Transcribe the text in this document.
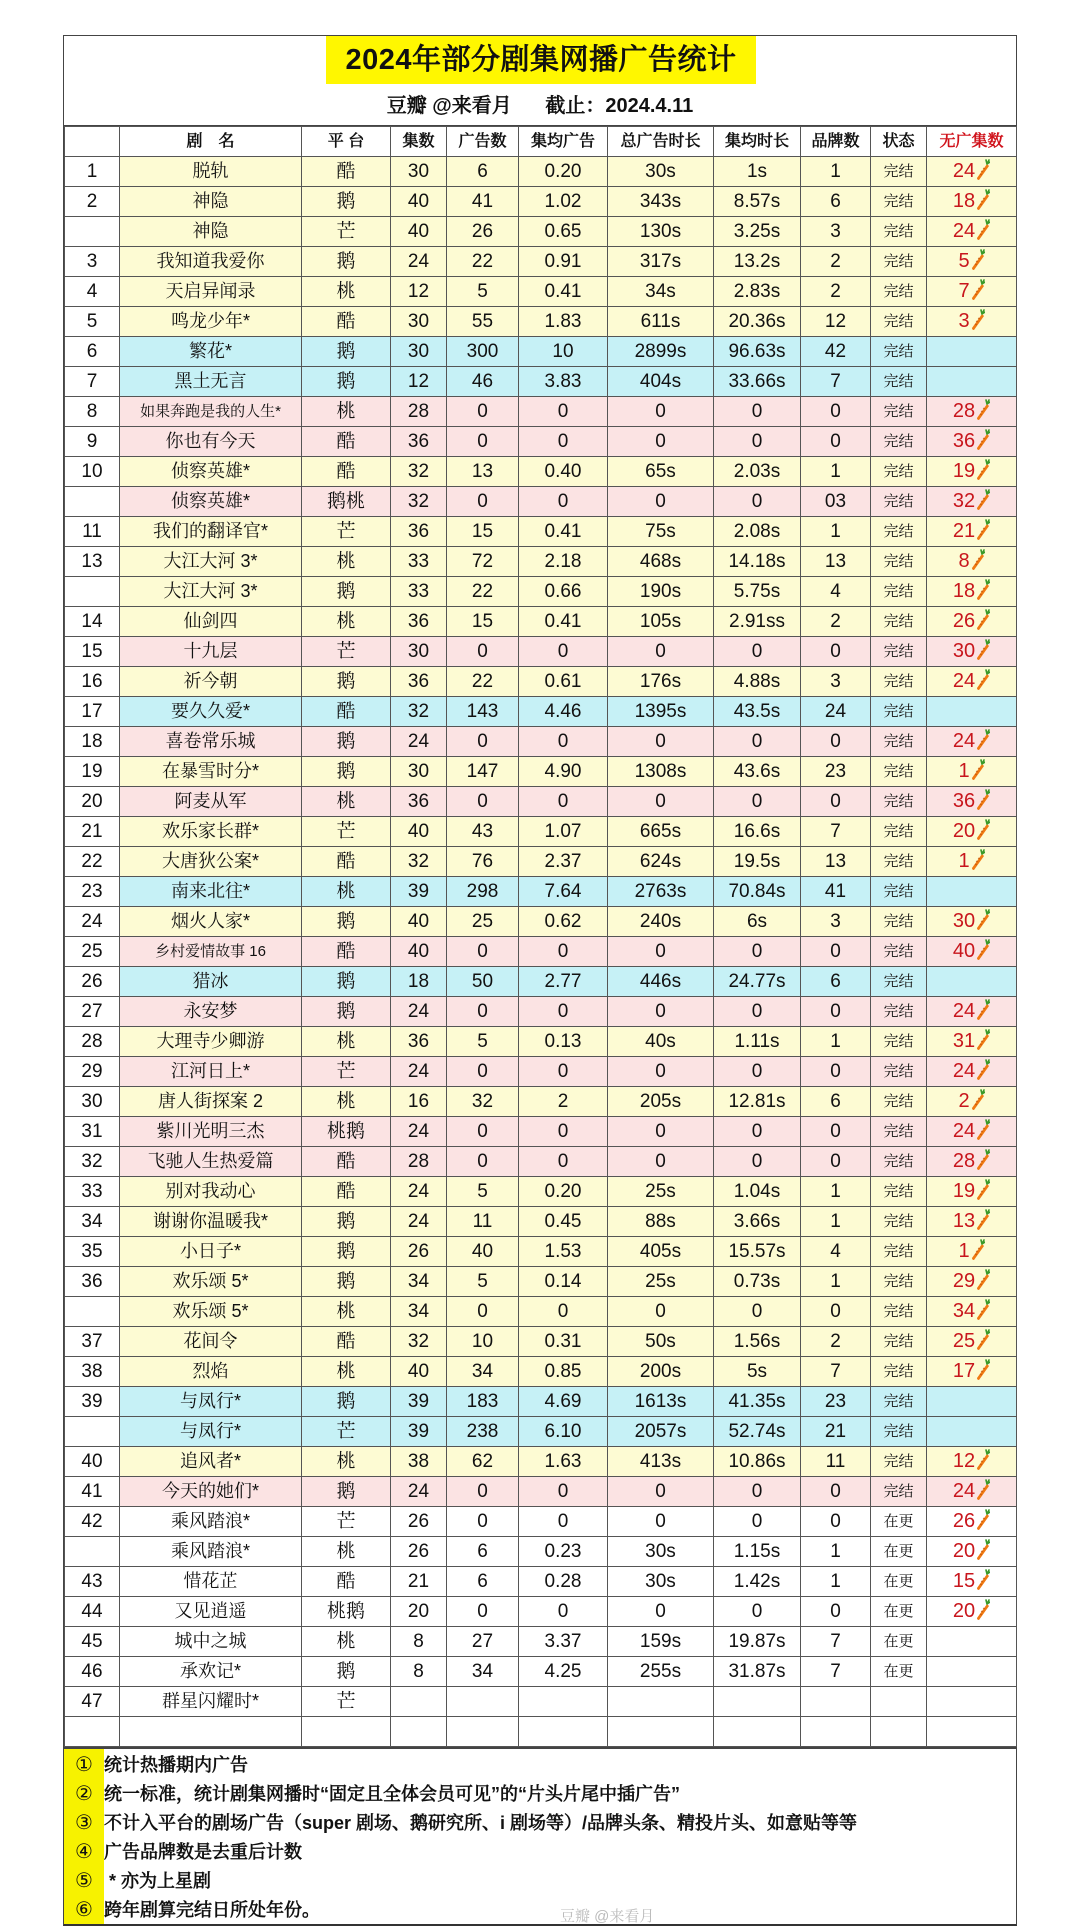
2024年部分剧集网播广告统计
豆瓣 @来看月 截止：2024.4.11
	剧　名	平 台	集数	广告数	集均广告	总广告时长	集均时长	品牌数	状态	无广集数
1	脱轨	酷	30	6	0.20	30s	1s	1	完结	24
2	神隐	鹅	40	41	1.02	343s	8.57s	6	完结	18
	神隐	芒	40	26	0.65	130s	3.25s	3	完结	24
3	我知道我爱你	鹅	24	22	0.91	317s	13.2s	2	完结	5
4	天启异闻录	桃	12	5	0.41	34s	2.83s	2	完结	7
5	鸣龙少年*	酷	30	55	1.83	611s	20.36s	12	完结	3
6	繁花*	鹅	30	300	10	2899s	96.63s	42	完结	
7	黑土无言	鹅	12	46	3.83	404s	33.66s	7	完结	
8	如果奔跑是我的人生*	桃	28	0	0	0	0	0	完结	28
9	你也有今天	酷	36	0	0	0	0	0	完结	36
10	侦察英雄*	酷	32	13	0.40	65s	2.03s	1	完结	19
	侦察英雄*	鹅桃	32	0	0	0	0	03	完结	32
11	我们的翻译官*	芒	36	15	0.41	75s	2.08s	1	完结	21
13	大江大河 3*	桃	33	72	2.18	468s	14.18s	13	完结	8
	大江大河 3*	鹅	33	22	0.66	190s	5.75s	4	完结	18
14	仙剑四	桃	36	15	0.41	105s	2.91ss	2	完结	26
15	十九层	芒	30	0	0	0	0	0	完结	30
16	祈今朝	鹅	36	22	0.61	176s	4.88s	3	完结	24
17	要久久爱*	酷	32	143	4.46	1395s	43.5s	24	完结	
18	喜卷常乐城	鹅	24	0	0	0	0	0	完结	24
19	在暴雪时分*	鹅	30	147	4.90	1308s	43.6s	23	完结	1
20	阿麦从军	桃	36	0	0	0	0	0	完结	36
21	欢乐家长群*	芒	40	43	1.07	665s	16.6s	7	完结	20
22	大唐狄公案*	酷	32	76	2.37	624s	19.5s	13	完结	1
23	南来北往*	桃	39	298	7.64	2763s	70.84s	41	完结	
24	烟火人家*	鹅	40	25	0.62	240s	6s	3	完结	30
25	乡村爱情故事 16	酷	40	0	0	0	0	0	完结	40
26	猎冰	鹅	18	50	2.77	446s	24.77s	6	完结	
27	永安梦	鹅	24	0	0	0	0	0	完结	24
28	大理寺少卿游	桃	36	5	0.13	40s	1.11s	1	完结	31
29	江河日上*	芒	24	0	0	0	0	0	完结	24
30	唐人街探案 2	桃	16	32	2	205s	12.81s	6	完结	2
31	紫川光明三杰	桃鹅	24	0	0	0	0	0	完结	24
32	飞驰人生热爱篇	酷	28	0	0	0	0	0	完结	28
33	别对我动心	酷	24	5	0.20	25s	1.04s	1	完结	19
34	谢谢你温暖我*	鹅	24	11	0.45	88s	3.66s	1	完结	13
35	小日子*	鹅	26	40	1.53	405s	15.57s	4	完结	1
36	欢乐颂 5*	鹅	34	5	0.14	25s	0.73s	1	完结	29
	欢乐颂 5*	桃	34	0	0	0	0	0	完结	34
37	花间令	酷	32	10	0.31	50s	1.56s	2	完结	25
38	烈焰	桃	40	34	0.85	200s	5s	7	完结	17
39	与凤行*	鹅	39	183	4.69	1613s	41.35s	23	完结	
	与凤行*	芒	39	238	6.10	2057s	52.74s	21	完结	
40	追风者*	桃	38	62	1.63	413s	10.86s	11	完结	12
41	今天的她们*	鹅	24	0	0	0	0	0	完结	24
42	乘风踏浪*	芒	26	0	0	0	0	0	在更	26
	乘风踏浪*	桃	26	6	0.23	30s	1.15s	1	在更	20
43	惜花芷	酷	21	6	0.28	30s	1.42s	1	在更	15
44	又见逍遥	桃鹅	20	0	0	0	0	0	在更	20
45	城中之城	桃	8	27	3.37	159s	19.87s	7	在更	
46	承欢记*	鹅	8	34	4.25	255s	31.87s	7	在更	
47	群星闪耀时*	芒								

① 统计热播期内广告
② 统一标准，统计剧集网播时“固定且全体会员可见”的“片头片尾中插广告”
③ 不计入平台的剧场广告（super 剧场、鹅研究所、i 剧场等）/品牌头条、精投片头、如意贴等等
④ 广告品牌数是去重后计数
⑤ * 亦为上星剧
⑥ 跨年剧算完结日所处年份。	豆瓣 @来看月
